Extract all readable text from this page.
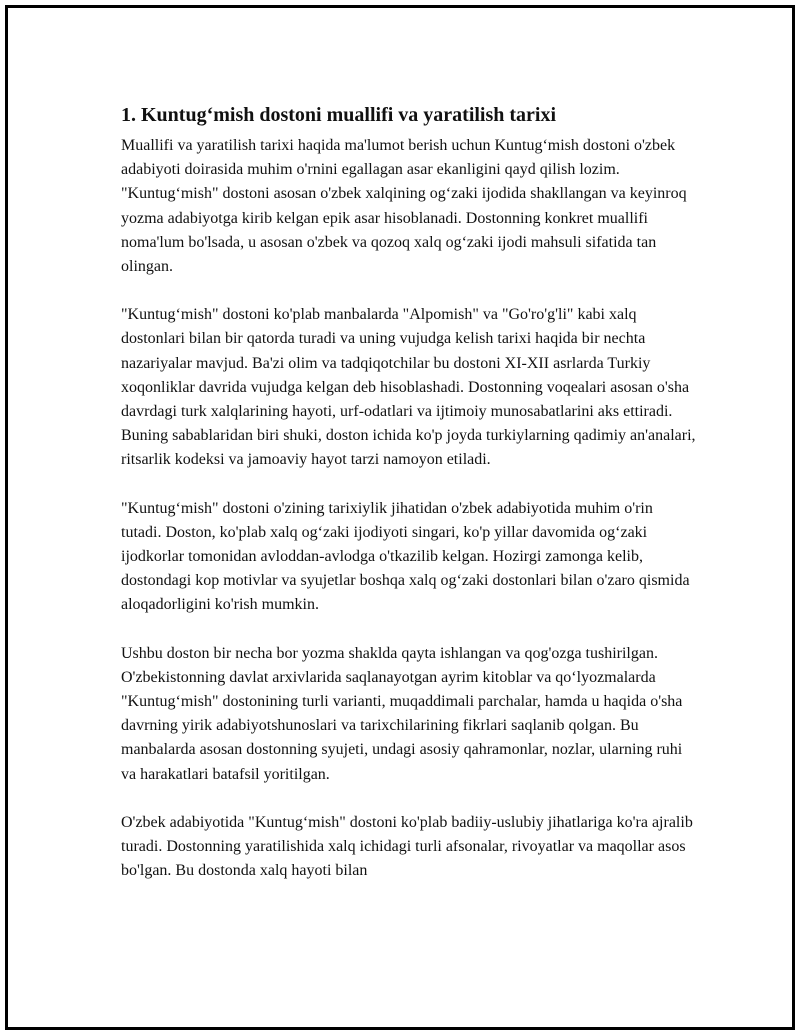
1. Kuntug‘mish dostoni muallifi va yaratilish tarixi

Muallifi va yaratilish tarixi haqida ma'lumot berish uchun Kuntug‘mish dostoni o'zbek adabiyoti doirasida muhim o'rnini egallagan asar ekanligini qayd qilish lozim. "Kuntug‘mish" dostoni asosan o'zbek xalqining og‘zaki ijodida shakllangan va keyinroq yozma adabiyotga kirib kelgan epik asar hisoblanadi. Dostonning konkret muallifi noma'lum bo'lsada, u asosan o'zbek va qozoq xalq og‘zaki ijodi mahsuli sifatida tan olingan.

"Kuntug‘mish" dostoni ko'plab manbalarda "Alpomish" va "Go'ro'g'li" kabi xalq dostonlari bilan bir qatorda turadi va uning vujudga kelish tarixi haqida bir nechta nazariyalar mavjud. Ba'zi olim va tadqiqotchilar bu dostoni XI-XII asrlarda Turkiy xoqonliklar davrida vujudga kelgan deb hisoblashadi. Dostonning voqealari asosan o'sha davrdagi turk xalqlarining hayoti, urf-odatlari va ijtimoiy munosabatlarini aks ettiradi. Buning sabablaridan biri shuki, doston ichida ko'p joyda turkiylarning qadimiy an'analari, ritsarlik kodeksi va jamoaviy hayot tarzi namoyon etiladi.

"Kuntug‘mish" dostoni o'zining tarixiylik jihatidan o'zbek adabiyotida muhim o'rin tutadi. Doston, ko'plab xalq og‘zaki ijodiyoti singari, ko'p yillar davomida og‘zaki ijodkorlar tomonidan avloddan-avlodga o'tkazilib kelgan. Hozirgi zamonga kelib, dostondagi kop motivlar va syujetlar boshqa xalq og‘zaki dostonlari bilan o'zaro qismida aloqadorligini ko'rish mumkin.

Ushbu doston bir necha bor yozma shaklda qayta ishlangan va qog'ozga tushirilgan. O'zbekistonning davlat arxivlarida saqlanayotgan ayrim kitoblar va qo‘lyozmalarda "Kuntug‘mish" dostonining turli varianti, muqaddimali parchalar, hamda u haqida o'sha davrning yirik adabiyotshunoslari va tarixchilarining fikrlari saqlanib qolgan. Bu manbalarda asosan dostonning syujeti, undagi asosiy qahramonlar, nozlar, ularning ruhi va harakatlari batafsil yoritilgan.

O'zbek adabiyotida "Kuntug‘mish" dostoni ko'plab badiiy-uslubiy jihatlariga ko'ra ajralib turadi. Dostonning yaratilishida xalq ichidagi turli afsonalar, rivoyatlar va maqollar asos bo'lgan. Bu dostonda xalq hayoti bilan
